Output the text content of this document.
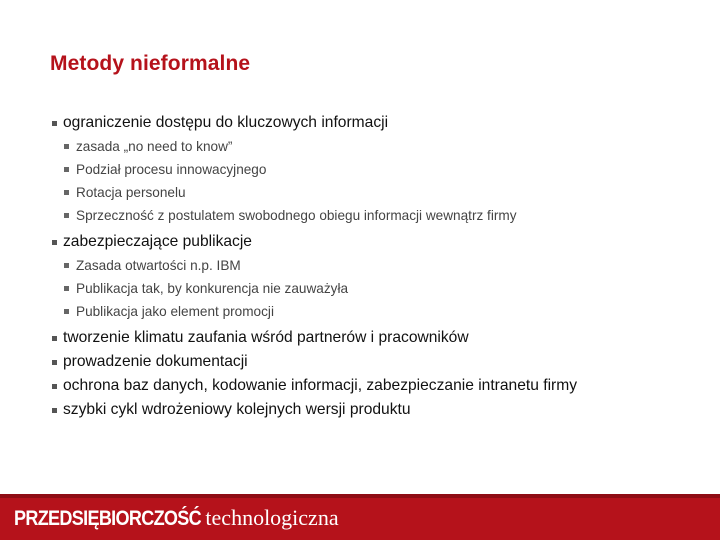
Metody nieformalne
ograniczenie dostępu do kluczowych informacji
zasada „no need to know”
Podział procesu innowacyjnego
Rotacja personelu
Sprzeczność z postulatem swobodnego obiegu informacji wewnątrz firmy
zabezpieczające publikacje
Zasada otwartości n.p. IBM
Publikacja tak, by konkurencja nie zauważyła
Publikacja jako element promocji
tworzenie klimatu zaufania wśród partnerów i pracowników
prowadzenie dokumentacji
ochrona baz danych, kodowanie informacji, zabezpieczanie intranetu firmy
szybki cykl wdrożeniowy kolejnych wersji produktu
PRZEDSIĘBIORCZOŚĆ technologiczna
